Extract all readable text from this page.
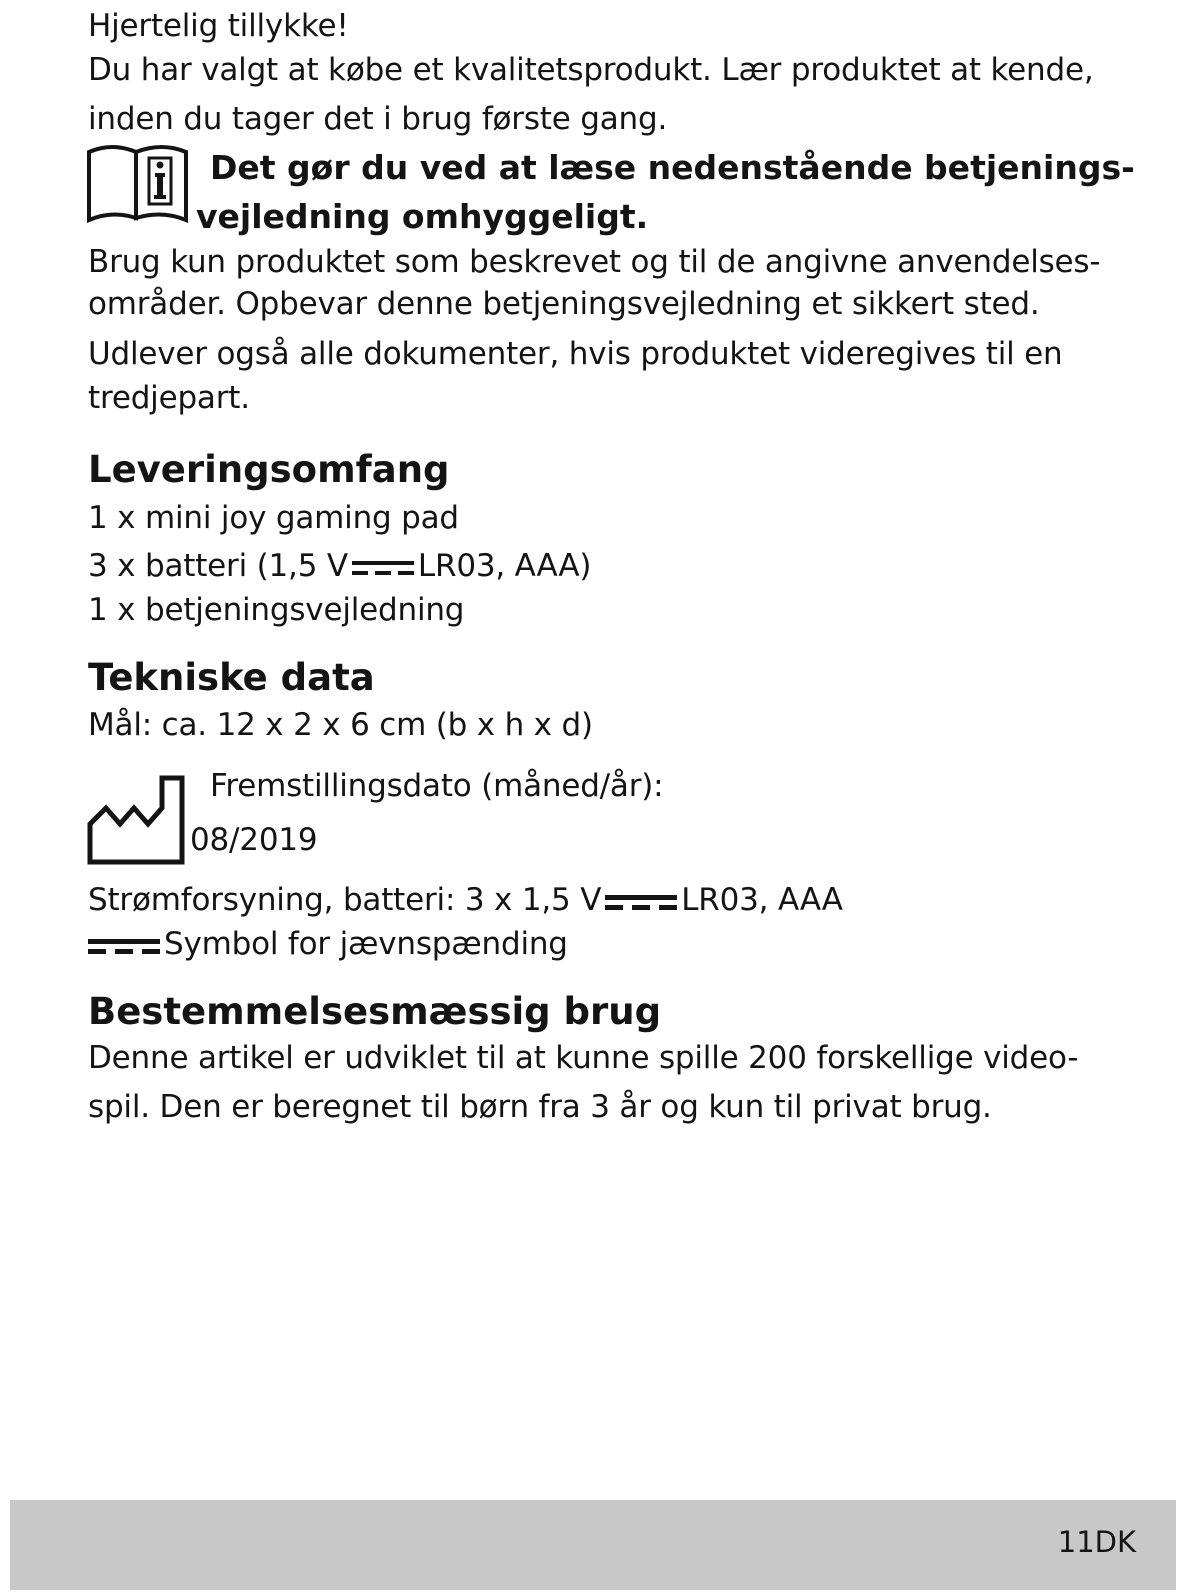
Hjertelig tillykke!
Du har valgt at købe et kvalitetsprodukt. Lær produktet at kende,
inden du tager det i brug første gang.
Det gør du ved at læse nedenstående betjenings-
vejledning omhyggeligt.
Brug kun produktet som beskrevet og til de angivne anvendelses-
områder. Opbevar denne betjeningsvejledning et sikkert sted.
Udlever også alle dokumenter, hvis produktet videregives til en
tredjepart.
Leveringsomfang
1 x mini joy gaming pad
3 x batteri (1,5 V LR03, AAA)
1 x betjeningsvejledning
Tekniske data
Mål: ca. 12 x 2 x 6 cm (b x h x d)
Fremstillingsdato (måned/år):
08/2019
Strømforsyning, batteri: 3 x 1,5 V	LR03, AAA
Symbol for jævnspænding
Bestemmelsesmæssig brug
Denne artikel er udviklet til at kunne spille 200 forskellige video-
spil. Den er beregnet til børn fra 3 år og kun til privat brug.
11DK
